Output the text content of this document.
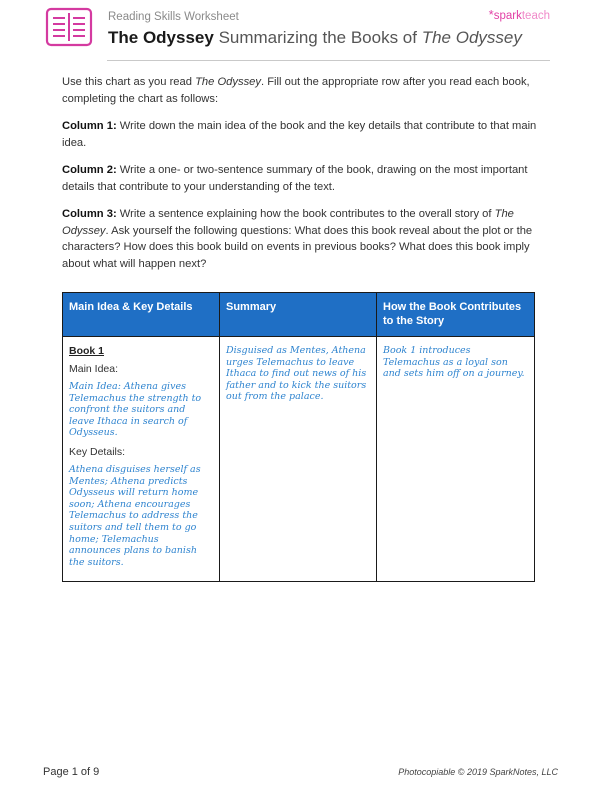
Reading Skills Worksheet
The Odyssey Summarizing the Books of The Odyssey
*sparkteach

Use this chart as you read The Odyssey. Fill out the appropriate row after you read each book, completing the chart as follows:

Column 1: Write down the main idea of the book and the key details that contribute to that main idea.

Column 2: Write a one- or two-sentence summary of the book, drawing on the most important details that contribute to your understanding of the text.

Column 3: Write a sentence explaining how the book contributes to the overall story of The Odyssey. Ask yourself the following questions: What does this book reveal about the plot or the characters? How does this book build on events in previous books? What does this book imply about what will happen next?

Main Idea & Key Details	Summary	How the Book Contributes to the Story

Book 1
Main Idea:
Main Idea: Athena gives Telemachus the strength to confront the suitors and leave Ithaca in search of Odysseus.
Key Details:
Athena disguises herself as Mentes; Athena predicts Odysseus will return home soon; Athena encourages Telemachus to address the suitors and tell them to go home; Telemachus announces plans to banish the suitors.	Disguised as Mentes, Athena urges Telemachus to leave Ithaca to find out news of his father and to kick the suitors out from the palace.	Book 1 introduces Telemachus as a loyal son and sets him off on a journey.
Page 1 of 9	Photocopiable © 2019 SparkNotes, LLC
